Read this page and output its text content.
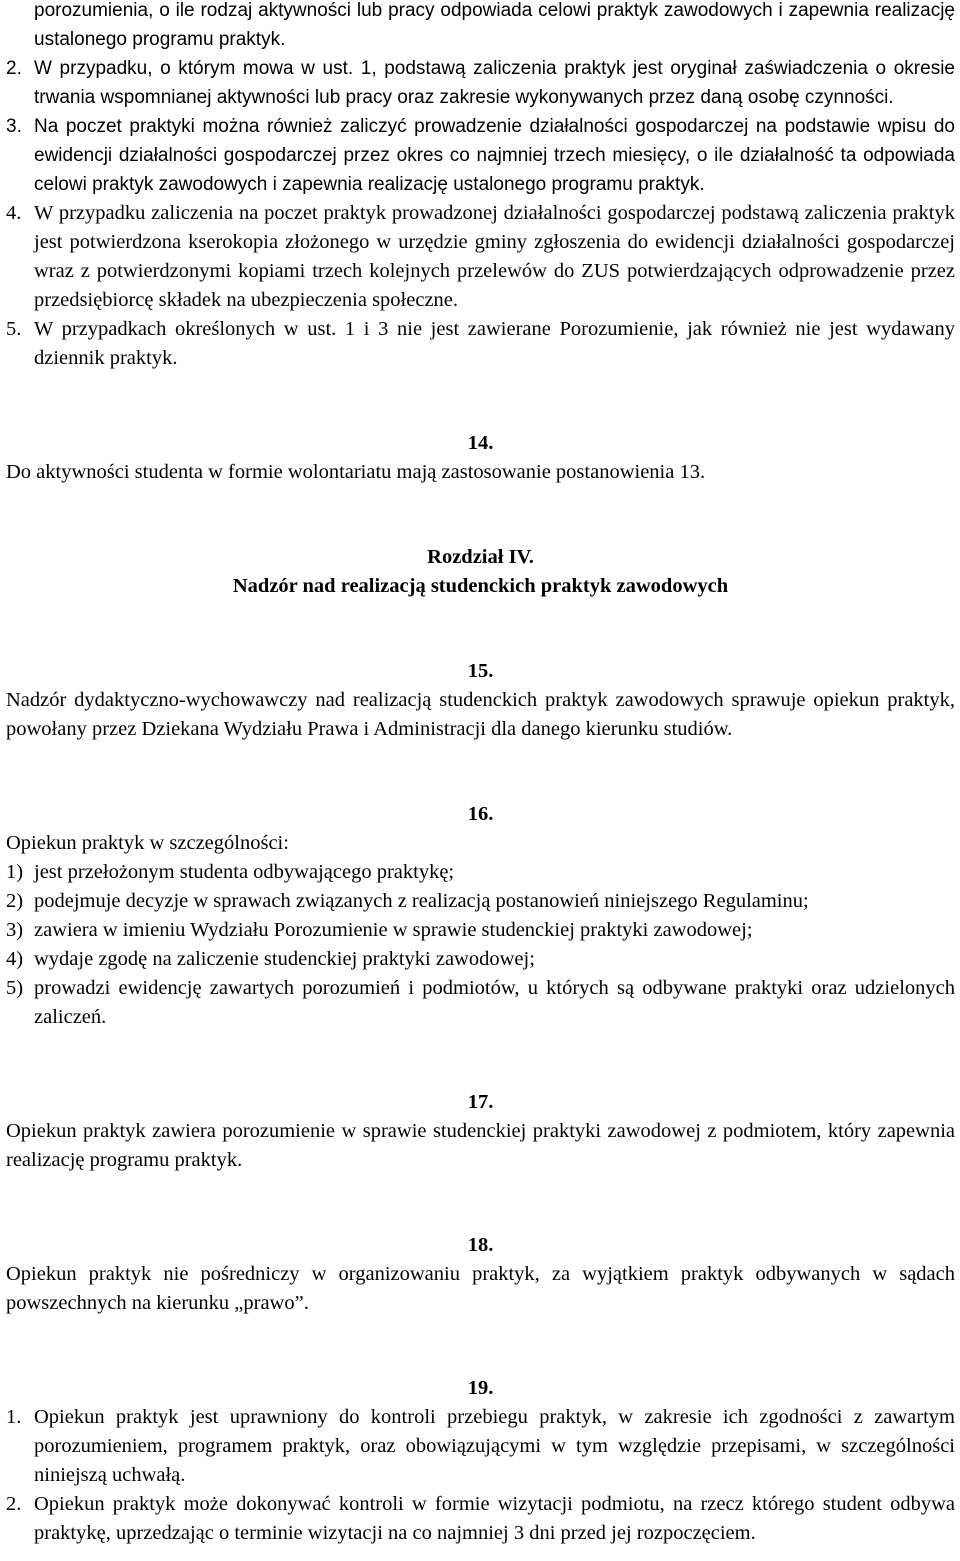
porozumienia, o ile rodzaj aktywności lub pracy odpowiada celowi praktyk zawodowych i zapewnia realizację ustalonego programu praktyk.

2. W przypadku, o którym mowa w ust. 1, podstawą zaliczenia praktyk jest oryginał zaświadczenia o okresie trwania wspomnianej aktywności lub pracy oraz zakresie wykonywanych przez daną osobę czynności.

3. Na poczet praktyki można również zaliczyć prowadzenie działalności gospodarczej na podstawie wpisu do ewidencji działalności gospodarczej przez okres co najmniej trzech miesięcy, o ile działalność ta odpowiada celowi praktyk zawodowych i zapewnia realizację ustalonego programu praktyk.

4. W przypadku zaliczenia na poczet praktyk prowadzonej działalności gospodarczej podstawą zaliczenia praktyk jest potwierdzona kserokopia złożonego w urzędzie gminy zgłoszenia do ewidencji działalności gospodarczej wraz z potwierdzonymi kopiami trzech kolejnych przelewów do ZUS potwierdzających odprowadzenie przez przedsiębiorcę składek na ubezpieczenia społeczne.

5. W przypadkach określonych w ust. 1 i 3 nie jest zawierane Porozumienie, jak również nie jest wydawany dziennik praktyk.

14.

Do aktywności studenta w formie wolontariatu mają zastosowanie postanowienia 13.

Rozdział IV.
Nadzór nad realizacją studenckich praktyk zawodowych
15.

Nadzór dydaktyczno-wychowawczy nad realizacją studenckich praktyk zawodowych sprawuje opiekun praktyk, powołany przez Dziekana Wydziału Prawa i Administracji dla danego kierunku studiów.

16.

Opiekun praktyk w szczególności:

1) jest przełożonym studenta odbywającego praktykę;

2) podejmuje decyzje w sprawach związanych z realizacją postanowień niniejszego Regulaminu;

3) zawiera w imieniu Wydziału Porozumienie w sprawie studenckiej praktyki zawodowej;

4) wydaje zgodę na zaliczenie studenckiej praktyki zawodowej;

5) prowadzi ewidencję zawartych porozumień i podmiotów, u których są odbywane praktyki oraz udzielonych zaliczeń.

17.

Opiekun praktyk zawiera porozumienie w sprawie studenckiej praktyki zawodowej z podmiotem, który zapewnia realizację programu praktyk.

18.

Opiekun praktyk nie pośredniczy w organizowaniu praktyk, za wyjątkiem praktyk odbywanych w sądach powszechnych na kierunku „prawo”.

19.
1. Opiekun praktyk jest uprawniony do kontroli przebiegu praktyk, w zakresie ich zgodności z zawartym porozumieniem, programem praktyk, oraz obowiązującymi w tym względzie przepisami, w szczególności niniejszą uchwałą.

2. Opiekun praktyk może dokonywać kontroli w formie wizytacji podmiotu, na rzecz którego student odbywa praktykę, uprzedzając o terminie wizytacji na co najmniej 3 dni przed jej rozpoczęciem.
